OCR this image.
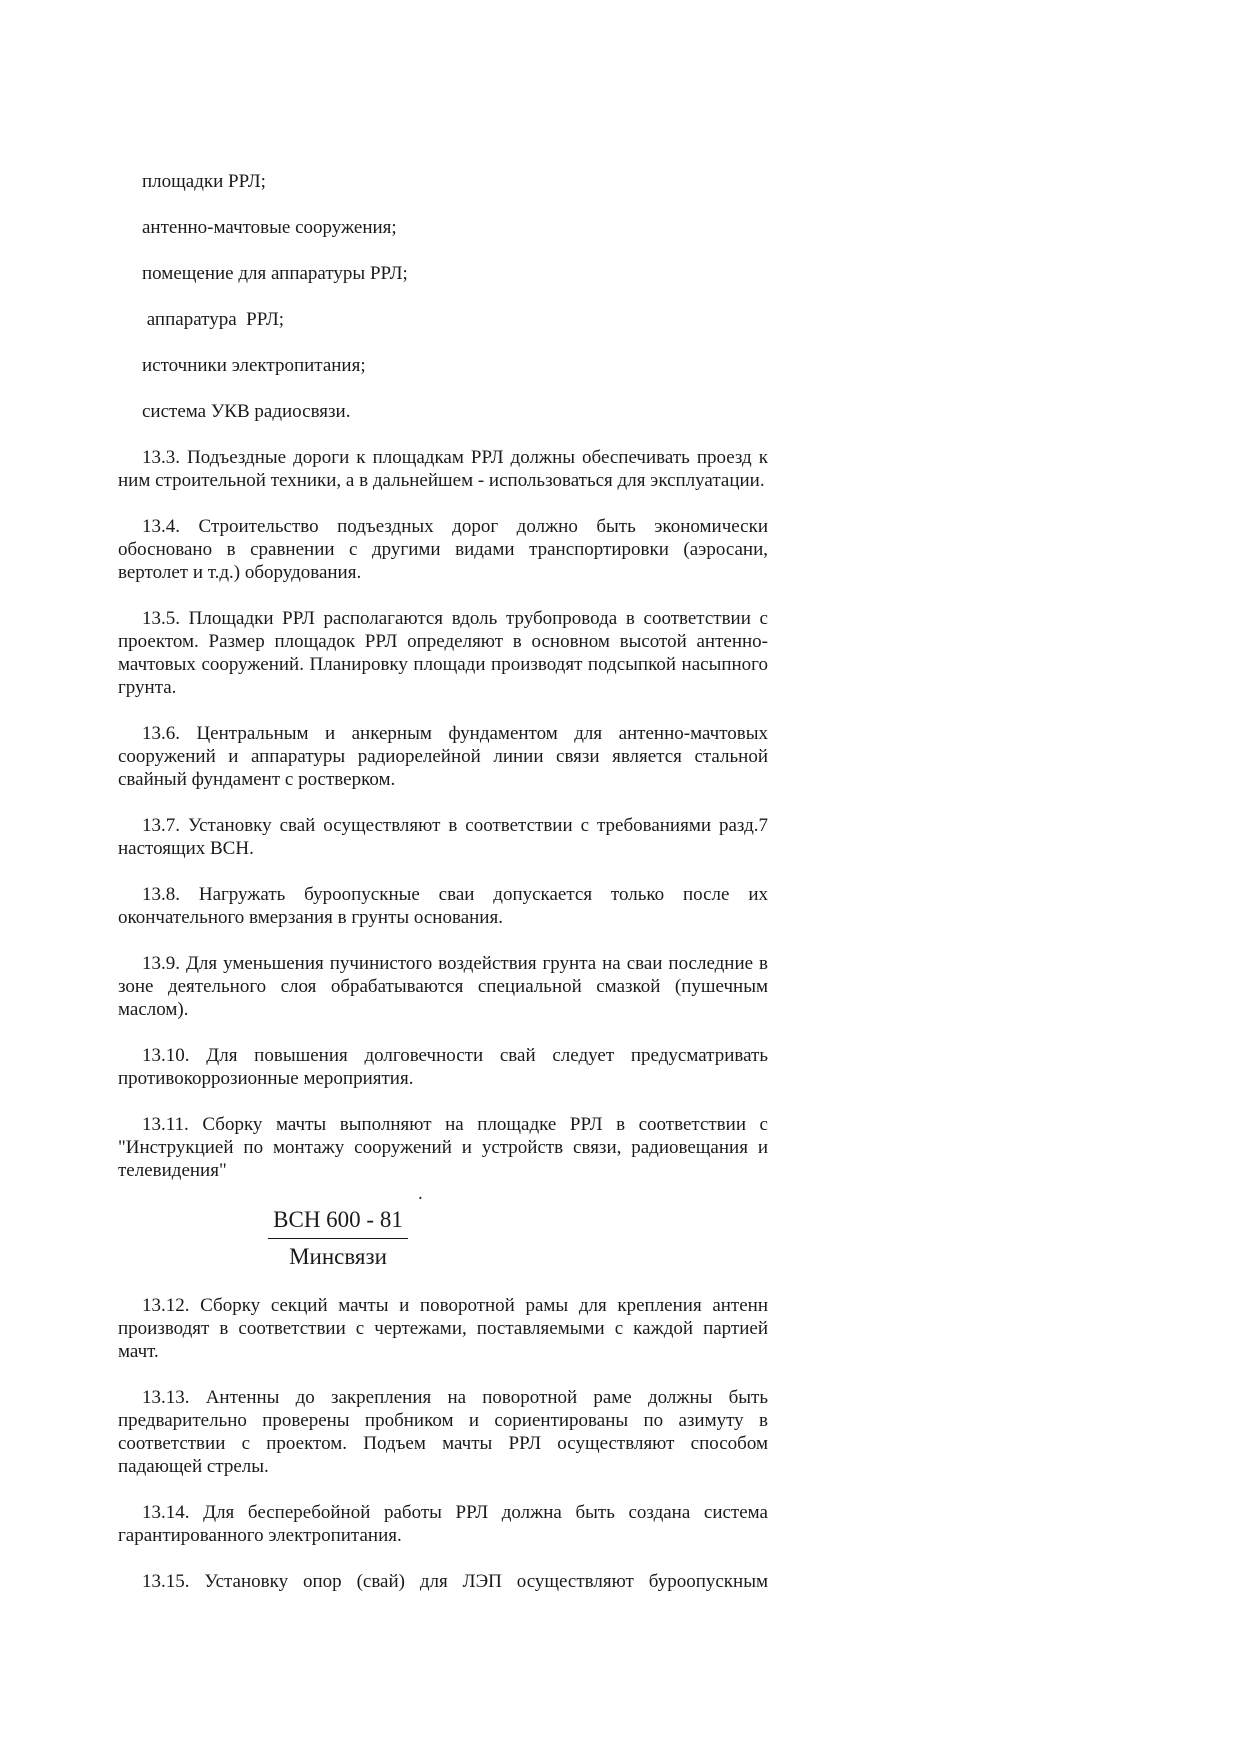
площадки РРЛ;
антенно-мачтовые сооружения;
помещение для аппаратуры РРЛ;
аппаратура  РРЛ;
источники электропитания;
система УКВ радиосвязи.

13.3. Подъездные дороги к площадкам РРЛ должны обеспечивать проезд к ним строительной техники, а в дальнейшем - использоваться для эксплуатации.

13.4. Строительство подъездных дорог должно быть экономически обосновано в сравнении с другими видами транспортировки (аэросани, вертолет и т.д.) оборудования.

13.5. Площадки РРЛ располагаются вдоль трубопровода в соответствии с проектом. Размер площадок РРЛ определяют в основном высотой антенно-мачтовых сооружений. Планировку площади производят подсыпкой насыпного грунта.

13.6. Центральным и анкерным фундаментом для антенно-мачтовых сооружений и аппаратуры радиорелейной линии связи является стальной свайный фундамент с ростверком.

13.7. Установку свай осуществляют в соответствии с требованиями разд.7 настоящих ВСН.

13.8. Нагружать буроопускные сваи допускается только после их окончательного вмерзания в грунты основания.

13.9. Для уменьшения пучинистого воздействия грунта на сваи последние в зоне деятельного слоя обрабатываются специальной смазкой (пушечным маслом).

13.10. Для повышения долговечности свай следует предусматривать противокоррозионные мероприятия.

13.11. Сборку мачты выполняют на площадке РРЛ в соответствии с "Инструкцией по монтажу сооружений и устройств связи, радиовещания и телевидения"

.
ВСН 600 - 81
Минсвязи

13.12. Сборку секций мачты и поворотной рамы для крепления антенн производят в соответствии с чертежами, поставляемыми с каждой партией мачт.

13.13. Антенны до закрепления на поворотной раме должны быть предварительно проверены пробником и сориентированы по азимуту в соответствии с проектом. Подъем мачты РРЛ осуществляют способом падающей стрелы.

13.14. Для бесперебойной работы РРЛ должна быть создана система гарантированного электропитания.

13.15. Установку опор (свай) для ЛЭП осуществляют буроопускным
